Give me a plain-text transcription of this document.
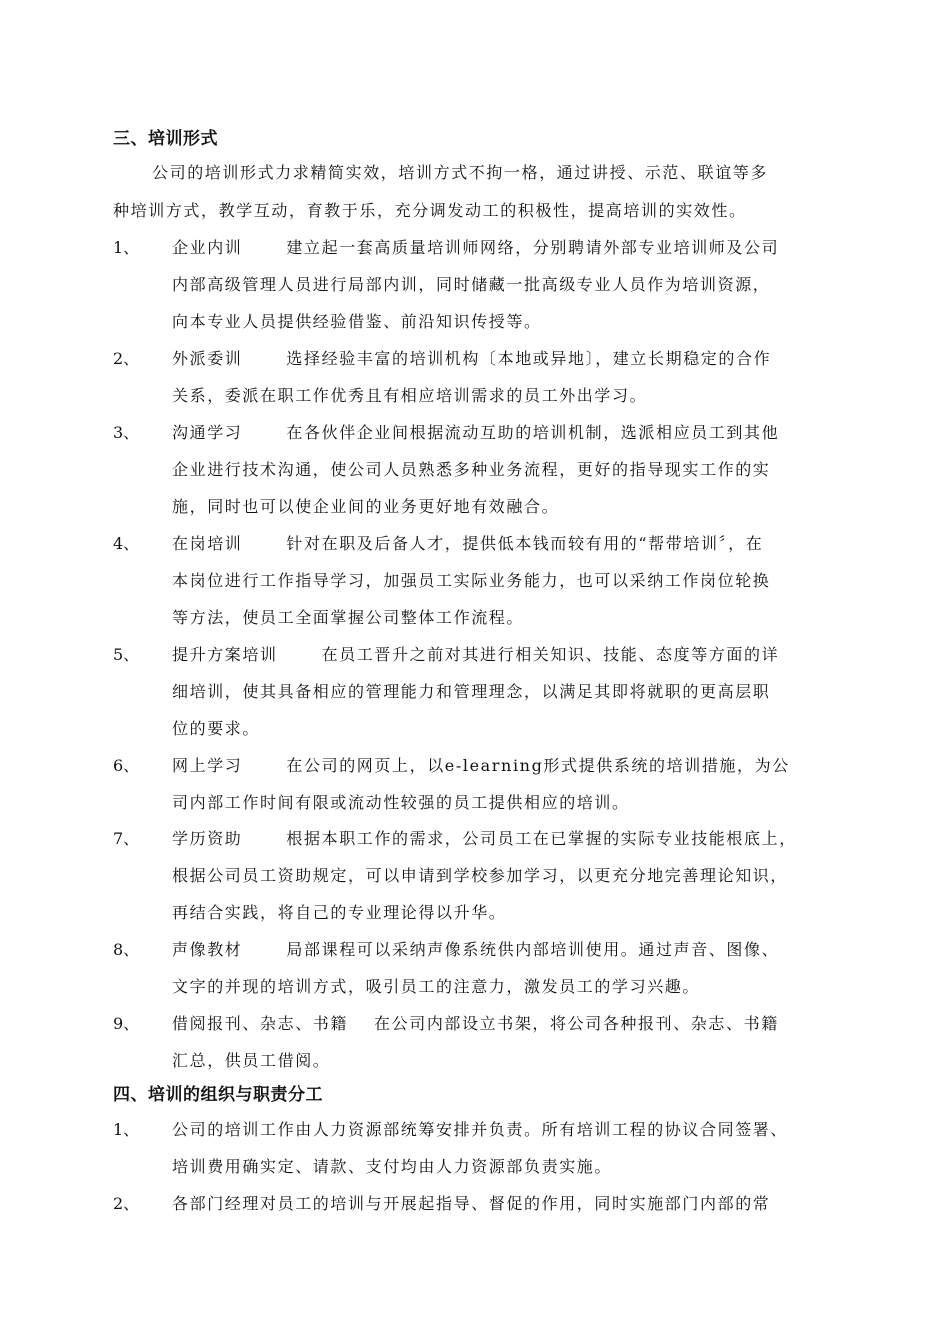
三、培训形式
公司的培训形式力求精简实效，培训方式不拘一格，通过讲授、示范、联谊等多
种培训方式，教学互动，育教于乐，充分调发动工的积极性，提高培训的实效性。
1、 企业内训	建立起一套高质量培训师网络，分别聘请外部专业培训师及公司
内部高级管理人员进行局部内训，同时储藏一批高级专业人员作为培训资源，
向本专业人员提供经验借鉴、前沿知识传授等。
2、 外派委训	选择经验丰富的培训机构〔本地或异地〕，建立长期稳定的合作
关系，委派在职工作优秀且有相应培训需求的员工外出学习。
3、 沟通学习	在各伙伴企业间根据流动互助的培训机制，选派相应员工到其他
企业进行技术沟通，使公司人员熟悉多种业务流程，更好的指导现实工作的实
施，同时也可以使企业间的业务更好地有效融合。
4、 在岗培训	针对在职及后备人才，提供低本钱而较有用的“帮带培训〞，在
本岗位进行工作指导学习，加强员工实际业务能力，也可以采纳工作岗位轮换
等方法，使员工全面掌握公司整体工作流程。
5、 提升方案培训	在员工晋升之前对其进行相关知识、技能、态度等方面的详
细培训，使其具备相应的管理能力和管理理念，以满足其即将就职的更高层职
位的要求。
6、 网上学习	在公司的网页上，以e-learning形式提供系统的培训措施，为公
司内部工作时间有限或流动性较强的员工提供相应的培训。
7、 学历资助	根据本职工作的需求，公司员工在已掌握的实际专业技能根底上，
根据公司员工资助规定，可以申请到学校参加学习，以更充分地完善理论知识，
再结合实践，将自己的专业理论得以升华。
8、 声像教材	局部课程可以采纳声像系统供内部培训使用。通过声音、图像、
文字的并现的培训方式，吸引员工的注意力，激发员工的学习兴趣。
9、 借阅报刊、杂志、书籍 在公司内部设立书架，将公司各种报刊、杂志、书籍
汇总，供员工借阅。
四、培训的组织与职责分工
1、 公司的培训工作由人力资源部统筹安排并负责。所有培训工程的协议合同签署、
培训费用确实定、请款、支付均由人力资源部负责实施。
2、 各部门经理对员工的培训与开展起指导、督促的作用，同时实施部门内部的常
